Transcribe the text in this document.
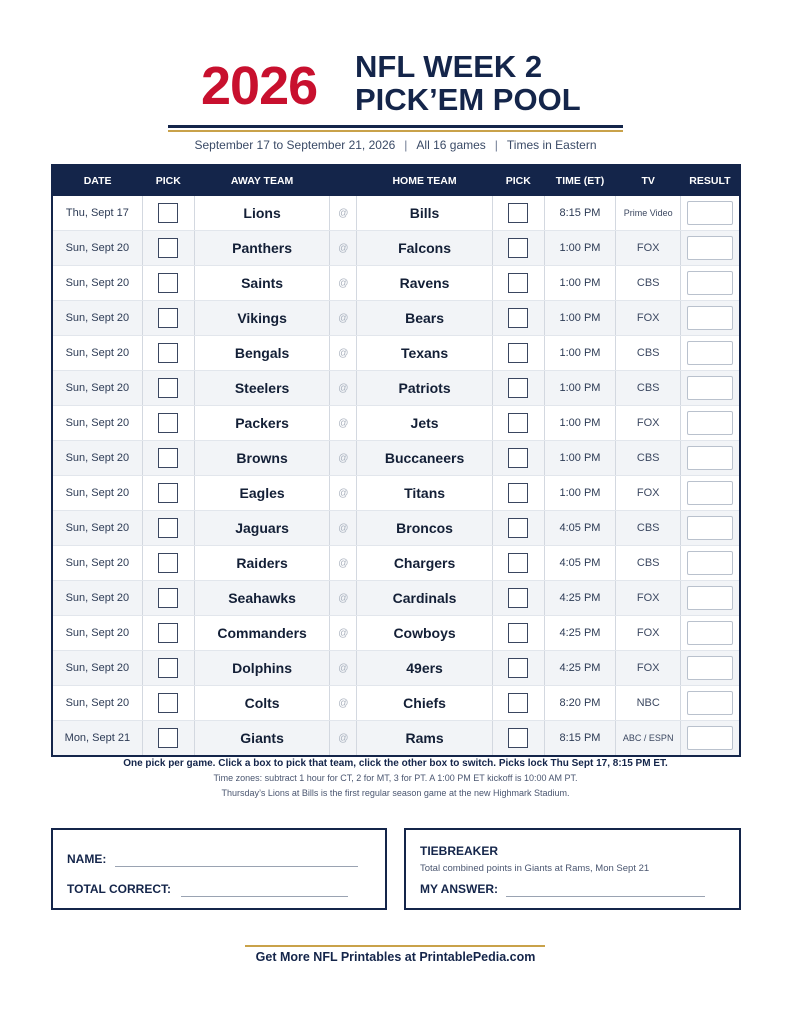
2026 NFL WEEK 2
PICK’EM POOL
September 17 to September 21, 2026 | All 16 games | Times in Eastern
DATE	PICK	AWAY TEAM		HOME TEAM	PICK	TIME (ET)	TV	RESULT
Thu, Sept 17		Lions	@	Bills		8:15 PM	Prime Video	
Sun, Sept 20		Panthers	@	Falcons		1:00 PM	FOX	
Sun, Sept 20		Saints	@	Ravens		1:00 PM	CBS	
Sun, Sept 20		Vikings	@	Bears		1:00 PM	FOX	
Sun, Sept 20		Bengals	@	Texans		1:00 PM	CBS	
Sun, Sept 20		Steelers	@	Patriots		1:00 PM	CBS	
Sun, Sept 20		Packers	@	Jets		1:00 PM	FOX	
Sun, Sept 20		Browns	@	Buccaneers		1:00 PM	CBS	
Sun, Sept 20		Eagles	@	Titans		1:00 PM	FOX	
Sun, Sept 20		Jaguars	@	Broncos		4:05 PM	CBS	
Sun, Sept 20		Raiders	@	Chargers		4:05 PM	CBS	
Sun, Sept 20		Seahawks	@	Cardinals		4:25 PM	FOX	
Sun, Sept 20		Commanders	@	Cowboys		4:25 PM	FOX	
Sun, Sept 20		Dolphins	@	49ers		4:25 PM	FOX	
Sun, Sept 20		Colts	@	Chiefs		8:20 PM	NBC	
Mon, Sept 21		Giants	@	Rams		8:15 PM	ABC / ESPN	
One pick per game. Click a box to pick that team, click the other box to switch. Picks lock Thu Sept 17, 8:15 PM ET.
Time zones: subtract 1 hour for CT, 2 for MT, 3 for PT. A 1:00 PM ET kickoff is 10:00 AM PT.
Thursday’s Lions at Bills is the first regular season game at the new Highmark Stadium.
NAME:
TOTAL CORRECT:
TIEBREAKER
Total combined points in Giants at Rams, Mon Sept 21
MY ANSWER:
Get More NFL Printables at PrintablePedia.com
